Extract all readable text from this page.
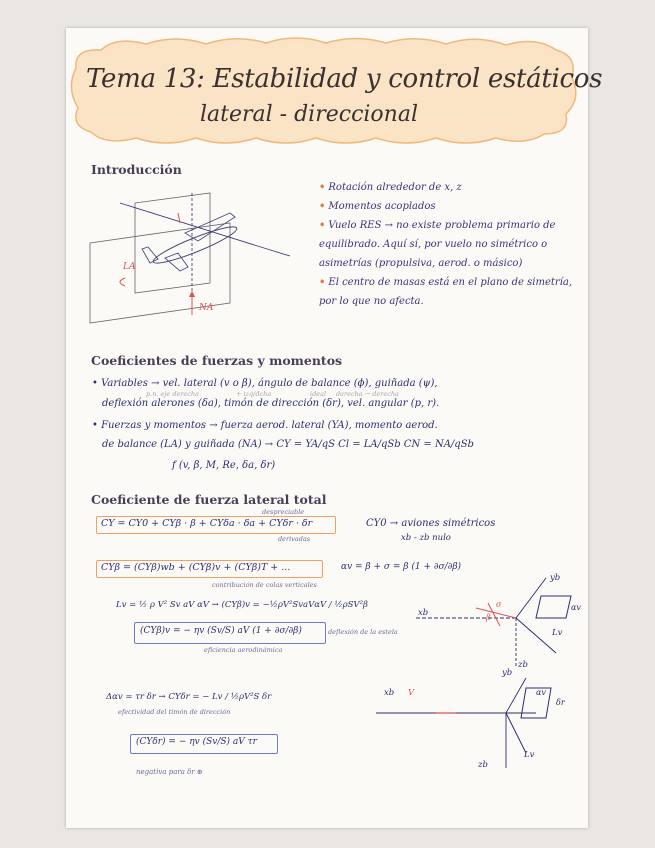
Tema 13: Estabilidad y control estáticos
lateral - direccional
Introducción
LA
NA
• Rotación alrededor de x, z
• Momentos acoplados
• Vuelo RES → no existe problema primario de equilibrado. Aquí sí, por vuelo no simétrico o asimetrías (propulsiva, aerod. o másico)
• El centro de masas está en el plano de simetría, por lo que no afecta.
Coeficientes de fuerzas y momentos
• Variables → vel. lateral (v o β), ángulo de balance (ϕ), guiñada (ψ),
p.n. eje derecha	+ izq/dcha	ideal derecha → derecha
deflexión alerones (δa), timón de dirección (δr), vel. angular (p, r).
• Fuerzas y momentos → fuerza aerod. lateral (YA), momento aerod.
de balance (LA) y guiñada (NA) → CY = YA/qS Cl = LA/qSb CN = NA/qSb
f (v, β, M, Re, δa, δr)
Coeficiente de fuerza lateral total
despreciable
CY = CY0 + CYβ · β + CYδa · δa + CYδr · δr
derivadas
CY0 → aviones simétricos
xb - zb nulo
CYβ = (CYβ)wb + (CYβ)v + (CYβ)T + ...
contribución de colas verticales
αv = β + σ = β (1 + ∂σ/∂β)
Lv = ½ ρ V² Sv aV αV → (CYβ)v = −½ρV²SvaVαV / ½ρSV²β
(CYβ)v = − ηv (Sv/S) aV (1 + ∂σ/∂β)
eficiencia aerodinámica
deflexión de la estela
xb
yb
zb
Lv
αv
β
σ
Δαv = τr δr → CYδr = − Lv / ½ρV²S δr
efectividad del timón de dirección
(CYδr) = − ηv (Sv/S) aV τr
negativa para δr ⊕
xb V
yb
zb
Lv
δr
αv
